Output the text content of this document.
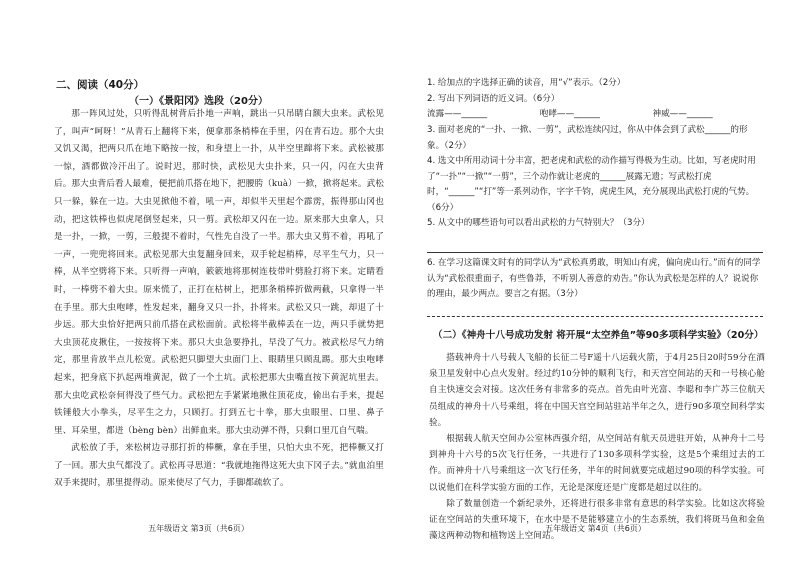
二、阅读（40分）
（一）《景阳冈》选段（20分）

那一阵风过处，只听得乱树背后扑地一声响，跳出一只吊睛白额大虫来。武松见了，叫声“呵呀！”从青石上翻将下来，便拿那条梢棒在手里，闪在青石边。那个大虫又饥又渴，把两只爪在地下略按一按，和身望上一扑，从半空里蹿将下来。武松被那一惊，酒都做冷汗出了。说时迟，那时快，武松见大虫扑来，只一闪，闪在大虫背后。那大虫背后看人最难，便把前爪搭在地下，把腰胯（kuà）一掀，掀将起来。武松只一躲，躲在一边。大虫见掀他不着，吼一声，却似半天里起个霹雳，振得那山冈也动，把这铁棒也似虎尾倒竖起来，只一剪。武松却又闪在一边。原来那大虫拿人，只是一扑，一掀，一剪，三般提不着时，气性先自没了一半。那大虫又剪不着，再吼了一声，一兜兜将回来。武松见那大虫复翻身回来，双手轮起梢棒，尽平生气力，只一棒，从半空劈将下来。只听得一声响，簌簌地将那树连枝带叶劈脸打将下来。定睛看时，一棒劈不着大虫。原来慌了，正打在枯树上，把那条梢棒折做两截，只拿得一半在手里。那大虫咆哮，性发起来，翻身又只一扑，扑将来。武松又只一跳，却退了十步远。那大虫恰好把两只前爪搭在武松面前。武松将半截棒丢在一边，两只手就势把大虫顶花皮揪住，一按按将下来。那只大虫急要挣扎，早没了气力。被武松尽气力纳定，那里肯放半点儿松宽。武松把只脚望大虫面门上、眼睛里只顾乱踢。那大虫咆哮起来，把身底下扒起两堆黄泥，做了一个土坑。武松把那大虫嘴直按下黄泥坑里去。那大虫吃武松奈何得没了些气力。武松把左手紧紧地揪住顶花皮，偷出右手来，提起铁锤般大小拳头，尽平生之力，只顾打。打到五七十拳，那大虫眼里、口里、鼻子里、耳朵里，都迸（bèng bèn）出鲜血来。那大虫动弹不得，只剩口里兀自气喘。

武松放了手，来松树边寻那打折的棒橛，拿在手里，只怕大虫不死，把棒橛又打了一回。那大虫气都没了。武松再寻思道：“我就地拖得这死大虫下冈子去。”就血泊里双手来提时，那里提得动。原来使尽了气力，手脚都疏软了。

五年级语文 第3页（共6页）
1. 给加点的字选择正确的读音，用“√”表示。（2分）
2. 写出下列词语的近义词。（6分）
流露——______	咆哮——______	神威——______
3. 面对老虎的“一扑、一掀、一剪”，武松连续闪过，你从中体会到了武松______的形象。（2分）
4. 选文中所用动词十分丰富，把老虎和武松的动作描写得极为生动。比如，写老虎时用了“一扑”“一掀”“一剪”，三个动作就让老虎的______展露无遗；写武松打虎时，“______”“打”等一系列动作，字字千钧，虎虎生风，充分展现出武松打虎的气势。（6分）
5. 从文中的哪些语句可以看出武松的力气特别大？（3分）
6. 在学习这篇课文时有的同学认为“武松真勇敢，明知山有虎，偏向虎山行。”而有的同学认为“武松很重面子，有些鲁莽，不听别人善意的劝告。”你认为武松是怎样的人？说说你的理由，最少两点。要言之有据。（3分）
（二）《神舟十八号成功发射 将开展“太空养鱼”等90多项科学实验》（20分）

搭载神舟十八号载人飞船的长征二号F遥十八运载火箭，于4月25日20时59分在酒泉卫星发射中心点火发射。经过约10分钟的顺利飞行，和天宫空间站的天和一号核心舱自主快速交会对接。这次任务有非常多的亮点。首先由叶光富、李聪和李广苏三位航天员组成的神舟十八号乘组，将在中国天宫空间站驻站半年之久，进行90多项空间科学实验。

根据载人航天空间办公室林西强介绍，从空间站有航天员进驻开始，从神舟十二号到神舟十六号的5次飞行任务，一共进行了130多项科学实验，这是5个乘组过去的工作。而神舟十八号乘组这一次飞行任务，半年的时间就要完成超过90项的科学实验。可以说他们在科学实验方面的工作，无论是深度还是广度都是超过以往的。

除了数量创造一个新纪录外，还将进行很多非常有意思的科学实验。比如这次将验证在空间站的失重环境下，在水中是不是能够建立小的生态系统，我们将斑马鱼和金鱼藻这两种动物和植物送上空间站。

五年级语文 第4页（共6页）
